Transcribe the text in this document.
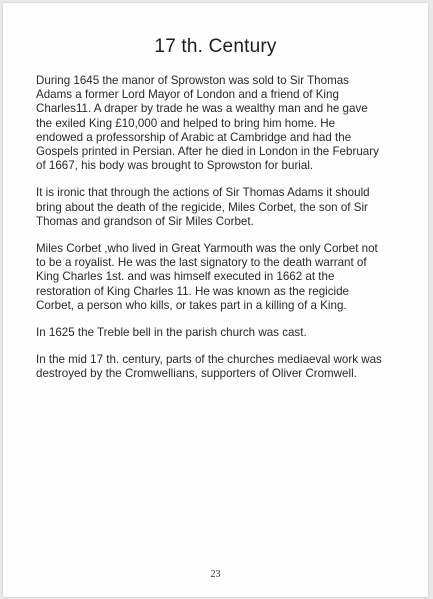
17 th. Century

During 1645 the manor of Sprowston was sold to Sir Thomas
Adams a former Lord Mayor of London and a friend of King
Charles11. A draper by trade he was a wealthy man and he gave
the exiled King £10,000 and helped to bring him home. He
endowed a professorship of Arabic at Cambridge and had the
Gospels printed in Persian. After he died in London in the February
of 1667, his body was brought to Sprowston for burial.

It is ironic that through the actions of Sir Thomas Adams it should
bring about the death of the regicide, Miles Corbet, the son of Sir
Thomas and grandson of Sir Miles Corbet.

Miles Corbet ,who lived in Great Yarmouth was the only Corbet not
to be a royalist. He was the last signatory to the death warrant of
King Charles 1st. and was himself executed in 1662 at the
restoration of King Charles 11. He was known as the regicide
Corbet, a person who kills, or takes part in a killing of a King.

In 1625 the Treble bell in the parish church was cast.

In the mid 17 th. century, parts of the churches mediaeval work was
destroyed by the Cromwellians, supporters of Oliver Cromwell.

23
